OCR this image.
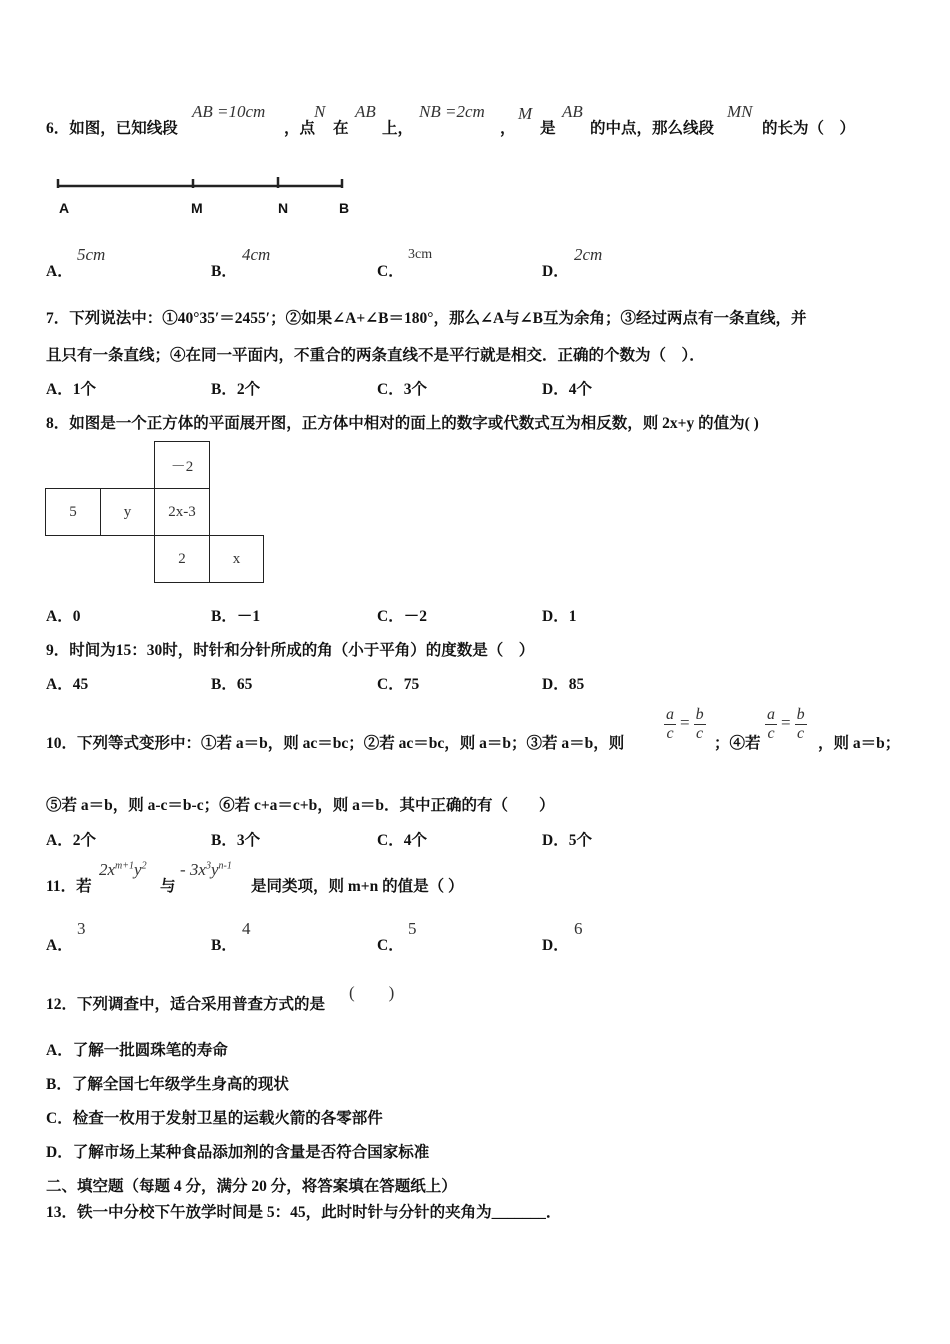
6．如图，已知线段
AB =10cm
，点
N
在
AB
上，
NB =2cm
，
M
是
AB
的中点，那么线段
MN
的长为（　）
A	M	N	B
A．
5cm
B．
4cm
C．
3cm
D．
2cm
7．下列说法中：①40°35′＝2455′；②如果∠A+∠B＝180°，那么∠A与∠B互为余角；③经过两点有一条直线，并
且只有一条直线；④在同一平面内，不重合的两条直线不是平行就是相交．正确的个数为（　）．
A．1个	B．2个	C．3个	D．4个
8．如图是一个正方体的平面展开图，正方体中相对的面上的数字或代数式互为相反数，则 2x+y 的值为( )
－2
5	y	2x-3
2	x
A．0	B．－1	C．－2	D．1
9．时间为15：30时，时针和分针所成的角（小于平角）的度数是（　）
A．45	B．65	C．75	D．85
10．下列等式变形中：①若 a＝b，则 ac＝bc；②若 ac＝bc，则 a＝b；③若 a＝b，则
$\frac{a}{c} = \frac{b}{c}$
；④若
$\frac{a}{c} = \frac{b}{c}$
，则 a＝b；
⑤若 a＝b，则 a-c＝b-c；⑥若 c+a＝c+b，则 a＝b．其中正确的有（　　）
A．2个	B．3个	C．4个	D．5个
11．若
$2x^{m+1}y^2$
与
- $3x^3y^{n-1}$
是同类项，则 m+n 的值是（ ）
A．
3
B．
4
C．
5
D．
6
12．下列调查中，适合采用普查方式的是
(　　)
A．了解一批圆珠笔的寿命
B．了解全国七年级学生身高的现状
C．检查一枚用于发射卫星的运载火箭的各零部件
D．了解市场上某种食品添加剂的含量是否符合国家标准
二、填空题（每题 4 分，满分 20 分，将答案填在答题纸上）
13．铁一中分校下午放学时间是 5：45，此时时针与分针的夹角为_______．
